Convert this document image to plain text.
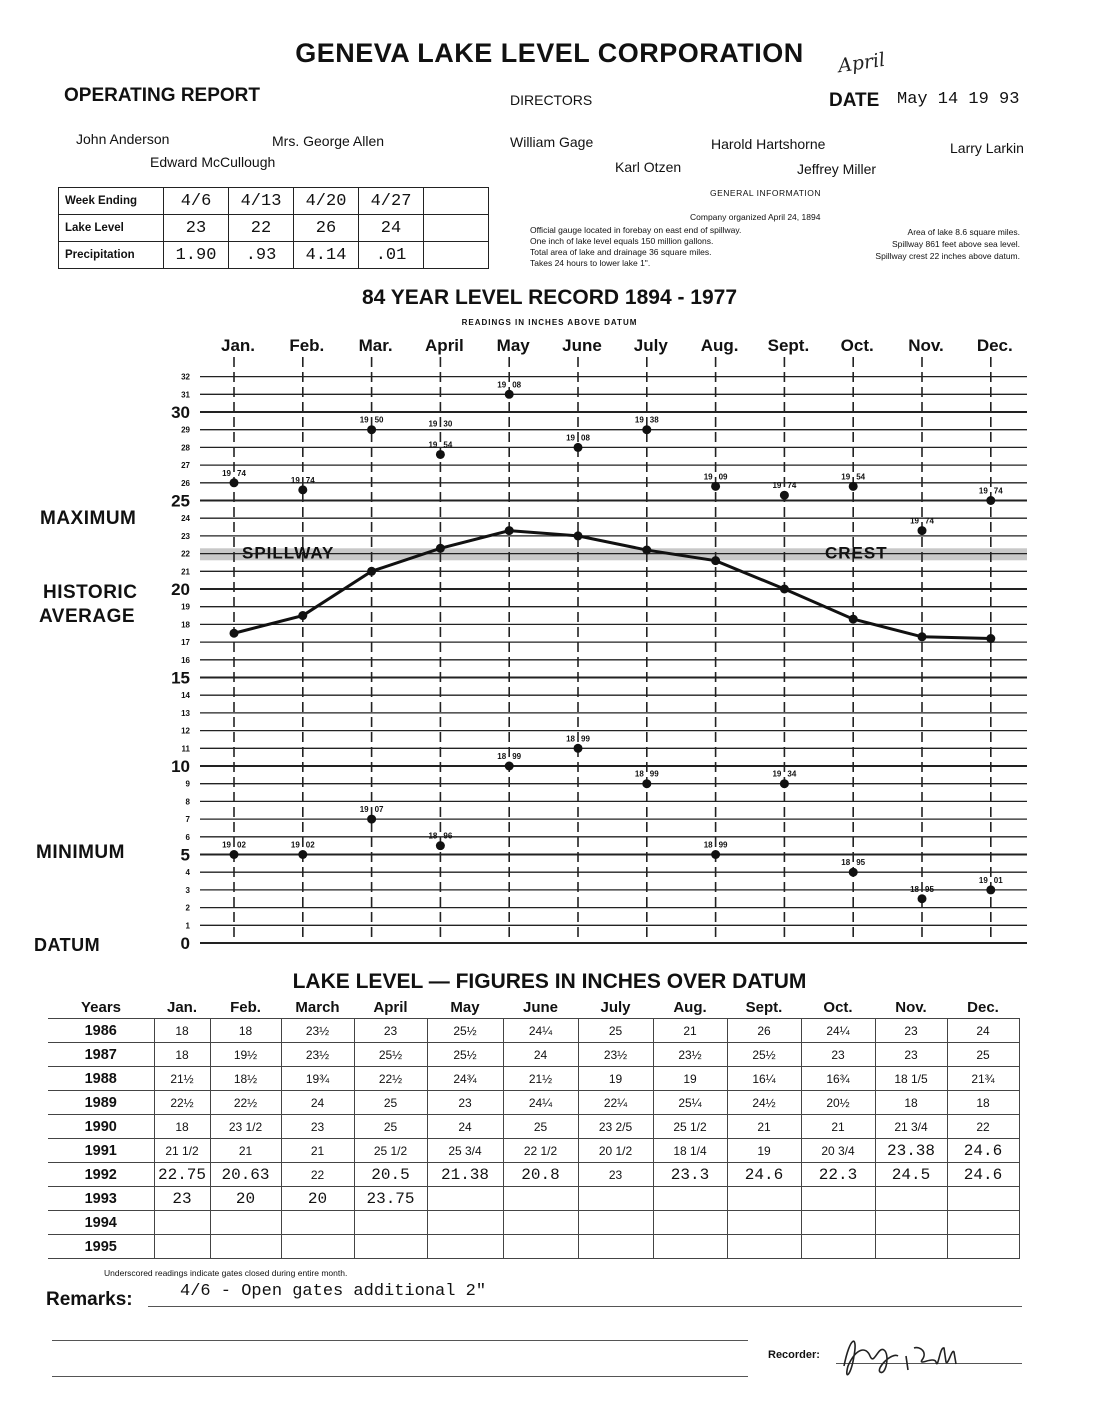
GENEVA LAKE LEVEL CORPORATION	April
OPERATING REPORT	DIRECTORS	DATE May 14 19 93
John Anderson	Mrs. George Allen
Edward McCullough
William Gage
Karl Otzen
Harold Hartshorne
Jeffrey Miller
Larry Larkin
Week Ending	4/6	4/13	4/20	4/27	
Lake Level	23	22	26	24	
Precipitation	1.90	.93	4.14	.01	
GENERAL INFORMATION
Company organized April 24, 1894
Official gauge located in forebay on east end of spillway.
One inch of lake level equals 150 million gallons.
Total area of lake and drainage 36 square miles.
Takes 24 hours to lower lake 1".
Area of lake 8.6 square miles.
Spillway 861 feet above sea level.
Spillway crest 22 inches above datum.
84 YEAR LEVEL RECORD 1894 - 1977
READINGS IN INCHES ABOVE DATUM
MAXIMUM
HISTORIC
AVERAGE
MINIMUM
DATUM	0
1
2
3
4
5
6
7
8
9
10
11
12
13
14
15
16
17
18
19
20
21
22
23
24
25
26
27
28
29
30
31
32
Jan. Feb. Mar. April May June July Aug. Sept. Oct. Nov. Dec.
SPILLWAY	CREST
19 74
19 74
19 50
19 54
19 08
19 08
19 38
19 09
19 74
19 54
19 74
19 74
19 02	19 02
19 07
18 96
18 99
18 99
18 99
18 99
19 34
18 95
18 95
19 01
19 30
LAKE LEVEL — FIGURES IN INCHES OVER DATUM
Years	Jan.	Feb.	March	April	May	June	July	Aug.	Sept.	Oct.	Nov.	Dec.
1986	18	18	23½	23	25½	24¼	25	21	26	24¼	23	24
1987	18	19½	23½	25½	25½	24	23½	23½	25½	23	23	25
1988	21½	18½	19¾	22½	24¾	21½	19	19	16¼	16¾	18 1/5	21¾
1989	22½	22½	24	25	23	24¼	22¼	25¼	24½	20½	18	18
1990	18	23 1/2	23	25	24	25	23 2/5	25 1/2	21	21	21 3/4	22
1991	21 1/2	21	21	25 1/2	25 3/4	22 1/2	20 1/2	18 1/4	19	20 3/4	23.38	24.6
1992	22.75	20.63	22	20.5	21.38	20.8	23	23.3	24.6	22.3	24.5	24.6
1993	23	20	20	23.75								
1994												
1995												
Underscored readings indicate gates closed during entire month.
Remarks:	4/6 - Open gates additional 2"
Recorder:
